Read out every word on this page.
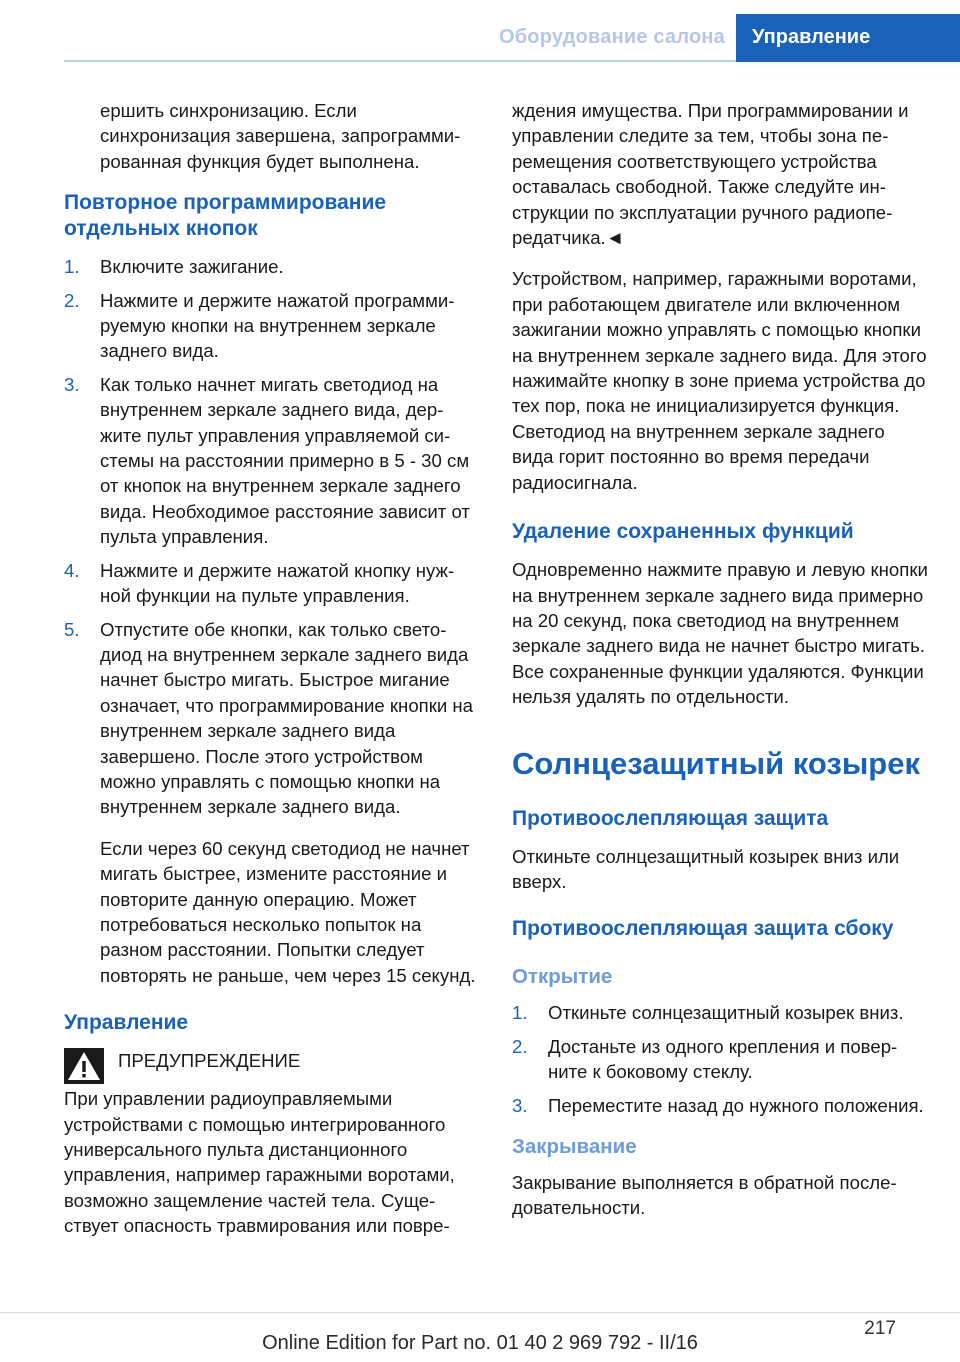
Оборудование салона	Управление

ершить синхронизацию. Если синхронизация завершена, запрограммированная функция будет выполнена.

Повторное программирование отдельных кнопок
1. Включите зажигание.
2. Нажмите и держите нажатой программируемую кнопки на внутреннем зеркале заднего вида.
3. Как только начнет мигать светодиод на внутреннем зеркале заднего вида, держите пульт управления управляемой системы на расстоянии примерно в 5 - 30 см от кнопок на внутреннем зеркале заднего вида. Необходимое расстояние зависит от пульта управления.
4. Нажмите и держите нажатой кнопку нужной функции на пульте управления.
5. Отпустите обе кнопки, как только светодиод на внутреннем зеркале заднего вида начнет быстро мигать. Быстрое мигание означает, что программирование кнопки на внутреннем зеркале заднего вида завершено. После этого устройством можно управлять с помощью кнопки на внутреннем зеркале заднего вида.

Если через 60 секунд светодиод не начнет мигать быстрее, измените расстояние и повторите данную операцию. Может потребоваться несколько попыток на разном расстоянии. Попытки следует повторять не раньше, чем через 15 секунд.

Управление
ПРЕДУПРЕЖДЕНИЕ

При управлении радиоуправляемыми устройствами с помощью интегрированного универсального пульта дистанционного управления, например гаражными воротами, возможно защемление частей тела. Существует опасность травмирования или повре-

ждения имущества. При программировании и управлении следите за тем, чтобы зона перемещения соответствующего устройства оставалась свободной. Также следуйте инструкции по эксплуатации ручного радиопередатчика.◄

Устройством, например, гаражными воротами, при работающем двигателе или включенном зажигании можно управлять с помощью кнопки на внутреннем зеркале заднего вида. Для этого нажимайте кнопку в зоне приема устройства до тех пор, пока не инициализируется функция. Светодиод на внутреннем зеркале заднего вида горит постоянно во время передачи радиосигнала.

Удаление сохраненных функций

Одновременно нажмите правую и левую кнопки на внутреннем зеркале заднего вида примерно на 20 секунд, пока светодиод на внутреннем зеркале заднего вида не начнет быстро мигать. Все сохраненные функции удаляются. Функции нельзя удалять по отдельности.

Солнцезащитный козырек
Противоослепляющая защита

Откиньте солнцезащитный козырек вниз или вверх.

Противоослепляющая защита сбоку
Открытие
1. Откиньте солнцезащитный козырек вниз.
2. Достаньте из одного крепления и поверните к боковому стеклу.
3. Переместите назад до нужного положения.
Закрывание

Закрывание выполняется в обратной последовательности.

217
Online Edition for Part no. 01 40 2 969 792 - II/16
